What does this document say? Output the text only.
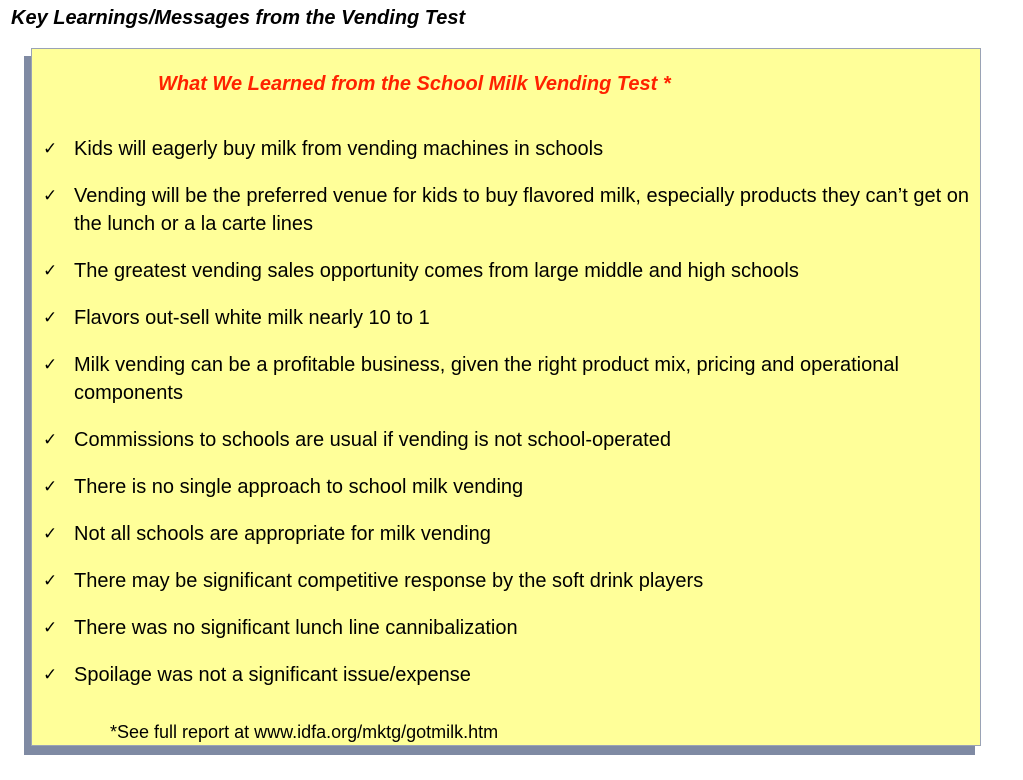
Key Learnings/Messages from the Vending Test
What We Learned from the School Milk Vending Test *
✓ Kids will eagerly buy milk from vending machines in schools
✓ Vending will be the preferred venue for kids to buy flavored milk, especially products they can’t get on the lunch or a la carte lines
✓ The greatest vending sales opportunity comes from large middle and high schools
✓ Flavors out-sell white milk nearly 10 to 1
✓ Milk vending can be a profitable business, given the right product mix, pricing and operational components
✓ Commissions to schools are usual if vending is not school-operated
✓ There is no single approach to school milk vending
✓ Not all schools are appropriate for milk vending
✓ There may be significant competitive response by the soft drink players
✓ There was no significant lunch line cannibalization
✓ Spoilage was not a significant issue/expense
*See full report at www.idfa.org/mktg/gotmilk.htm
